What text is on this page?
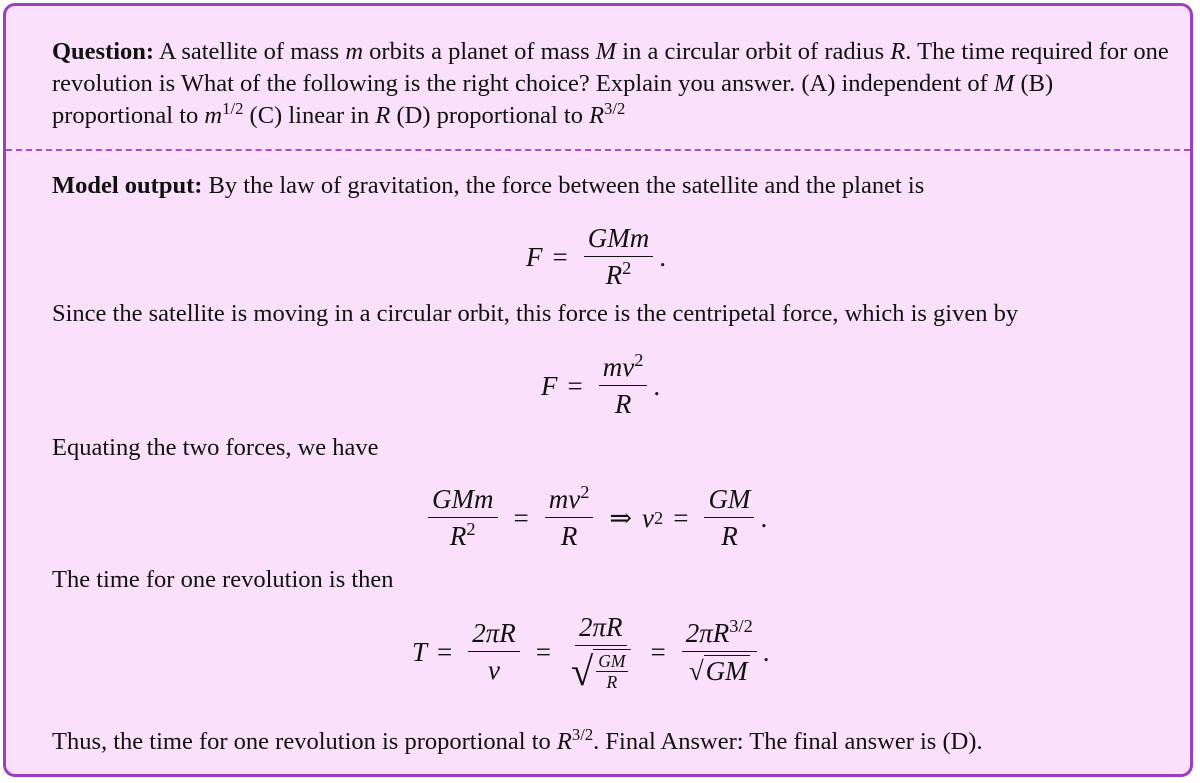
Question: A satellite of mass m orbits a planet of mass M in a circular orbit of radius R. The time required for one revolution is What of the following is the right choice? Explain you answer. (A) independent of M (B) proportional to $m^{1/2}$ (C) linear in R (D) proportional to $R^{3/2}$
Model output: By the law of gravitation, the force between the satellite and the planet is
$F = \frac{\text{GMm}}{R^2}$ .
Since the satellite is moving in a circular orbit, this force is the centripetal force, which is given by
$F = \frac{mv^2}{R}$ .
Equating the two forces, we have
$\frac{\text{GMm}}{R^2} = \frac{mv^2}{R}$ ⇒ v $2 = \frac{GM}{R}$ .
The time for one revolution is then
$T = \frac{2\pi R}{v} = \frac{2\pi R}{√ \frac{GM}{R}} = \frac{2\pi R^{3/2}}{√ GM}$ .
Thus, the time for one revolution is proportional to $R^{3/2}$. Final Answer: The final answer is (D).
